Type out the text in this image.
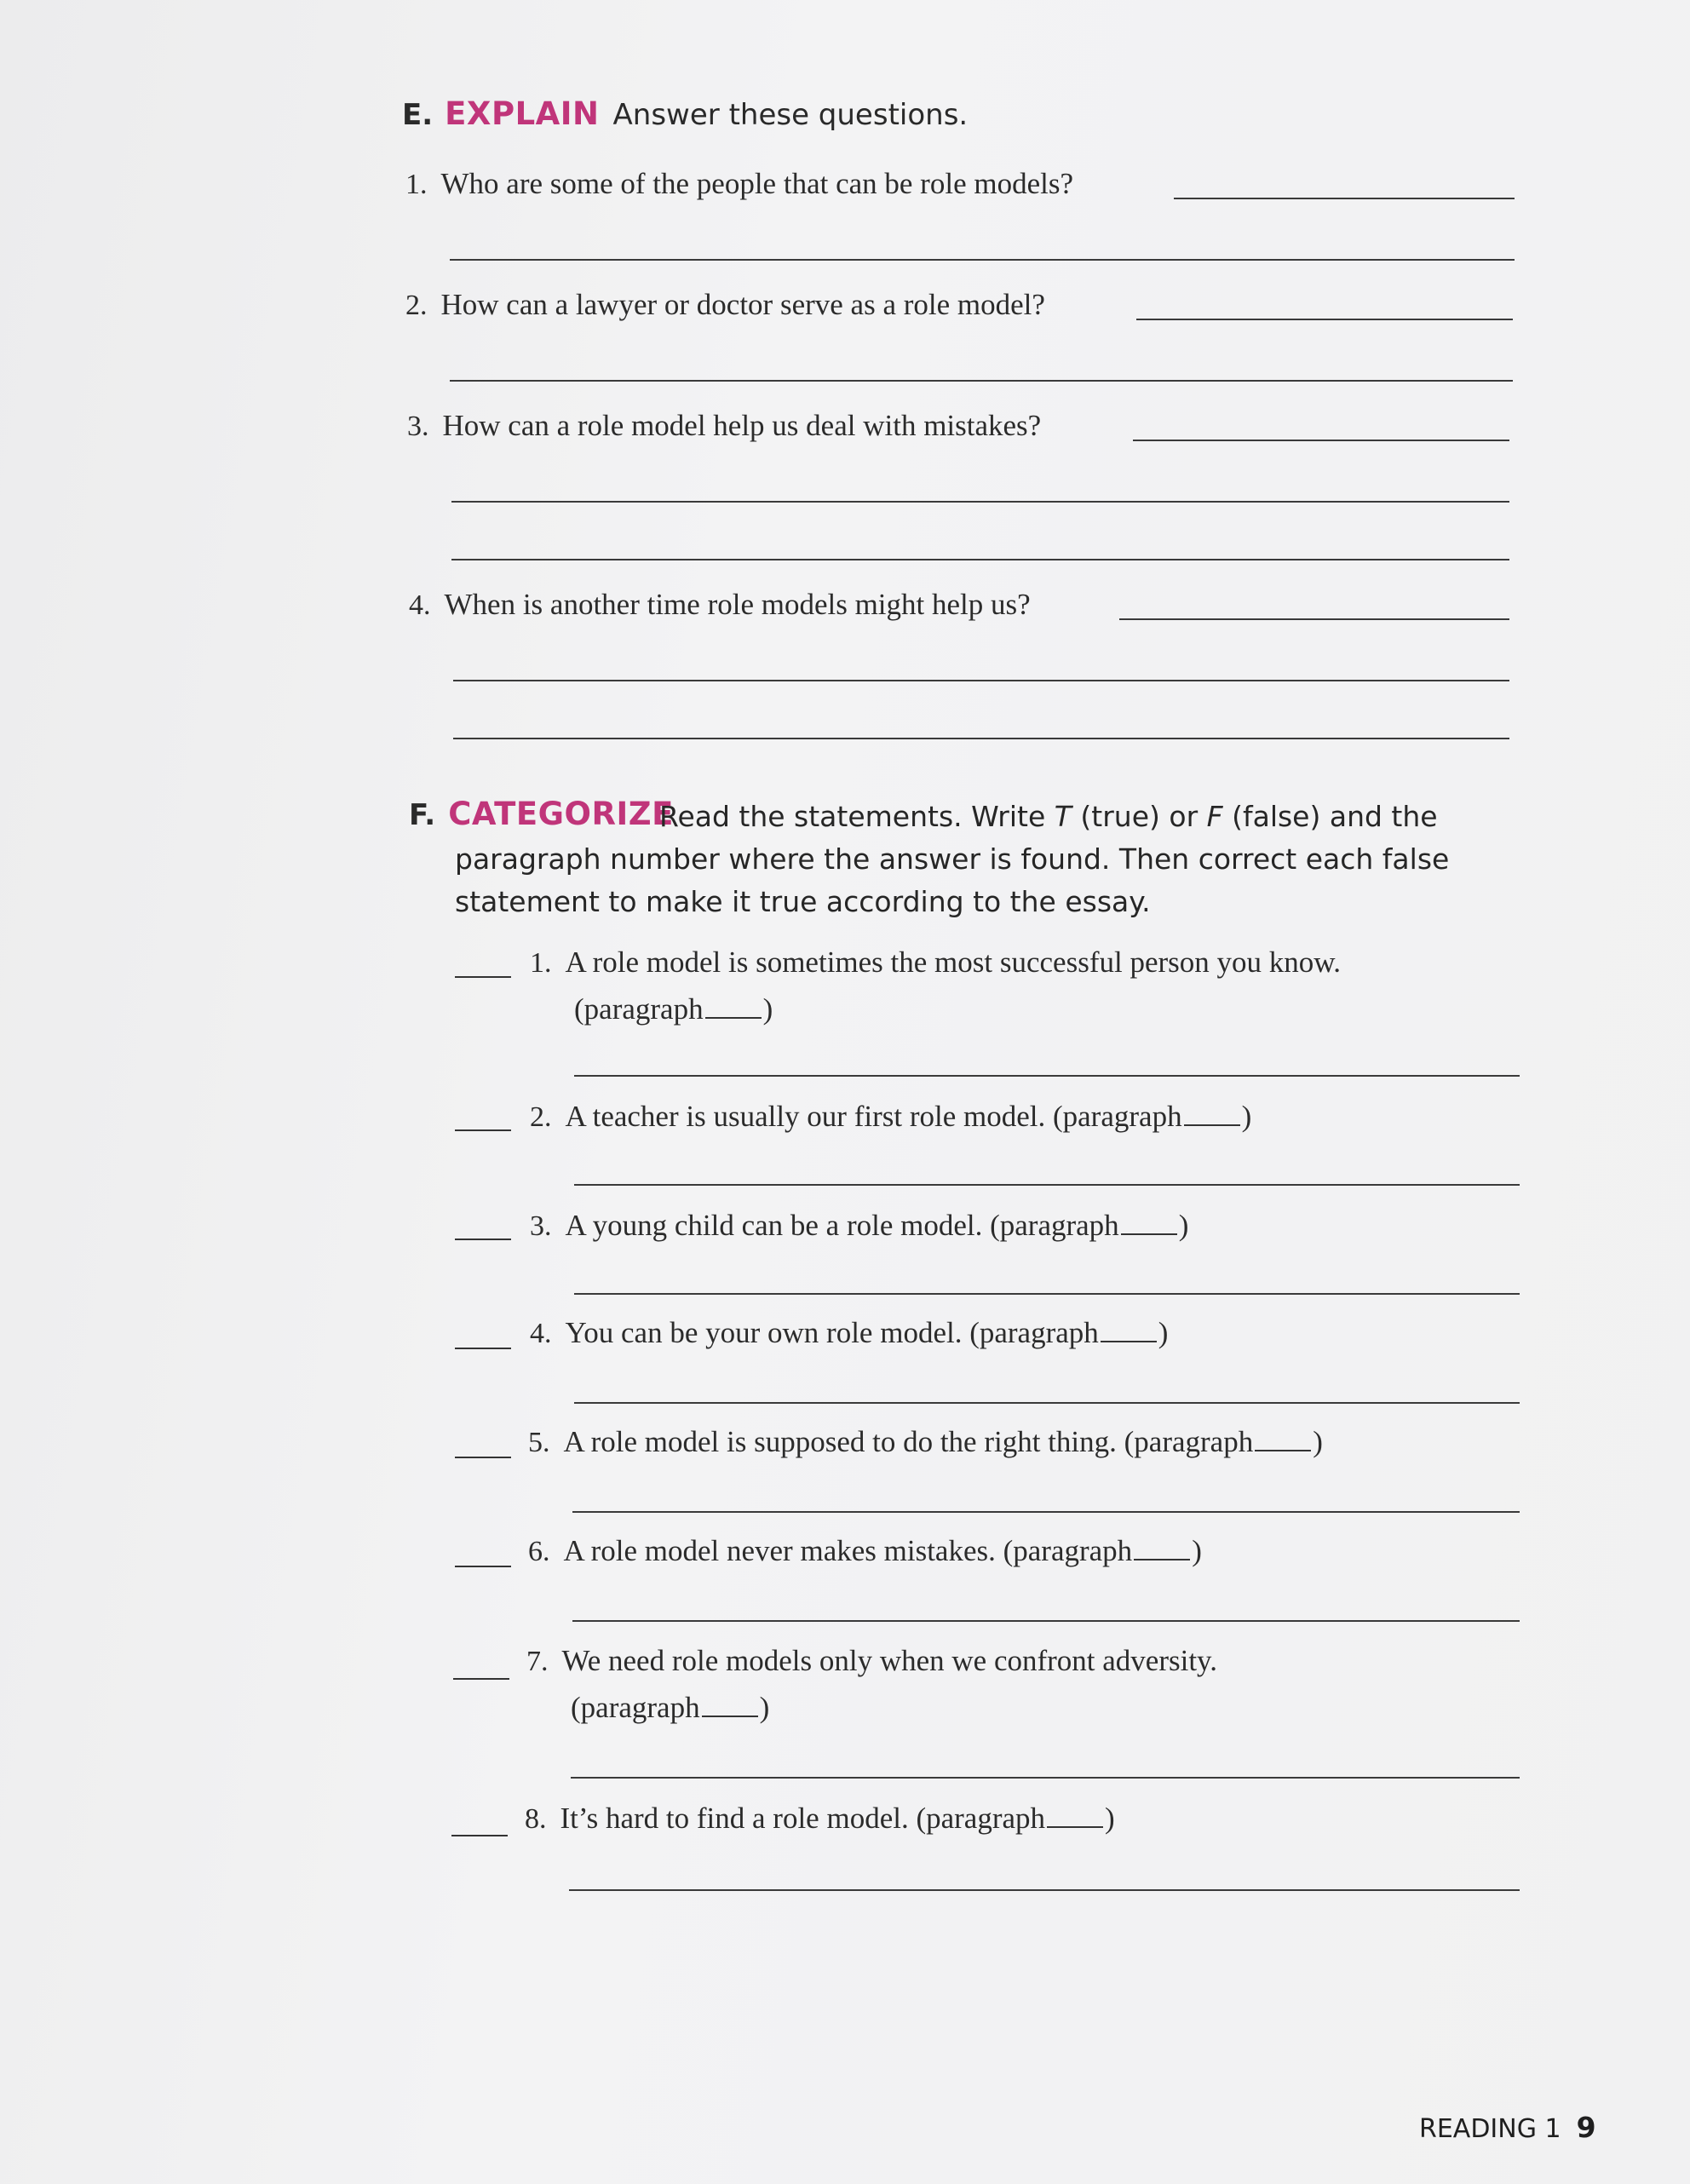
E. EXPLAIN Answer these questions.
1. Who are some of the people that can be role models?
2. How can a lawyer or doctor serve as a role model?
3. How can a role model help us deal with mistakes?
4. When is another time role models might help us?
F. CATEGORIZE
Read the statements. Write T (true) or F (false) and the paragraph number where the answer is found. Then correct each false statement to make it true according to the essay.
1. A role model is sometimes the most successful person you know.
(paragraph )
2. A teacher is usually our first role model. (paragraph )
3. A young child can be a role model. (paragraph )
4. You can be your own role model. (paragraph )
5. A role model is supposed to do the right thing. (paragraph )
6. A role model never makes mistakes. (paragraph )
7. We need role models only when we confront adversity.
(paragraph )
8. It’s hard to find a role model. (paragraph )
READING 1 9
